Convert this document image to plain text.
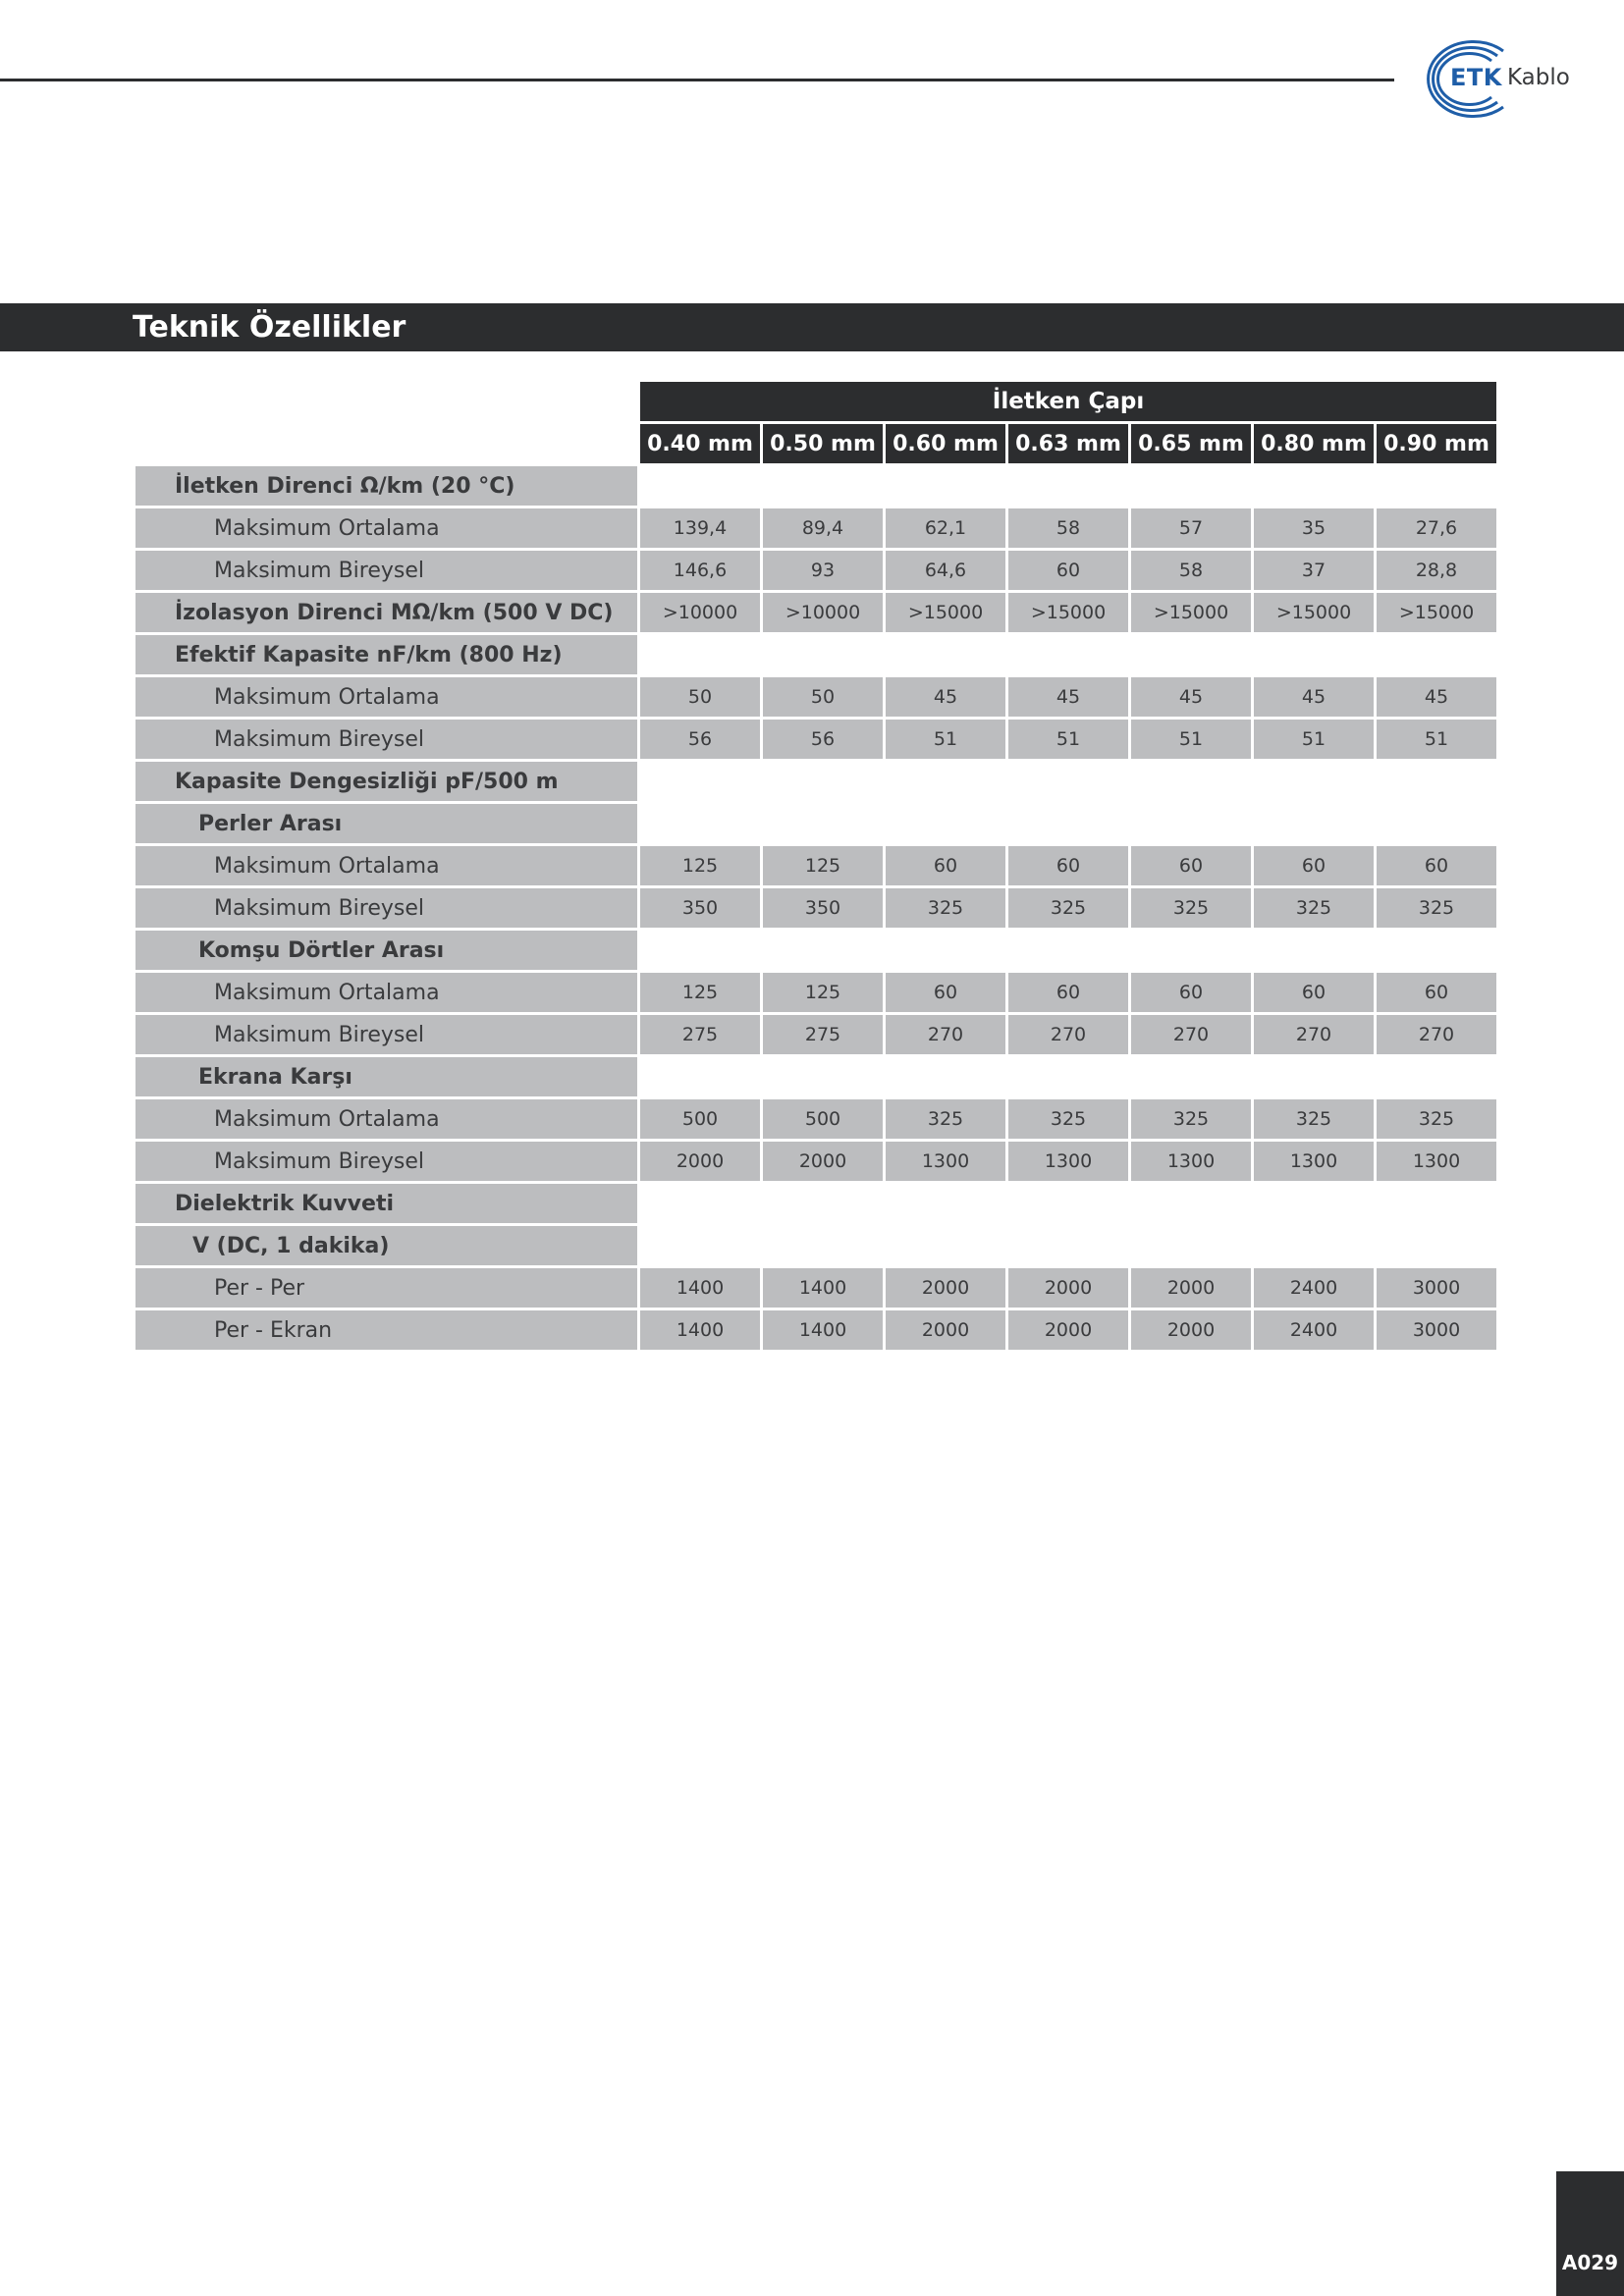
ETK Kablo
Teknik Özellikler
	İletken Çapı						
	0.40 mm	0.50 mm	0.60 mm	0.63 mm	0.65 mm	0.80 mm	0.90 mm
İletken Direnci Ω/km (20 °C)							
Maksimum Ortalama	139,4	89,4	62,1	58	57	35	27,6
Maksimum Bireysel	146,6	93	64,6	60	58	37	28,8
İzolasyon Direnci MΩ/km (500 V DC)	>10000	>10000	>15000	>15000	>15000	>15000	>15000
Efektif Kapasite nF/km (800 Hz)							
Maksimum Ortalama	50	50	45	45	45	45	45
Maksimum Bireysel	56	56	51	51	51	51	51
Kapasite Dengesizliği pF/500 m							
Perler Arası							
Maksimum Ortalama	125	125	60	60	60	60	60
Maksimum Bireysel	350	350	325	325	325	325	325
Komşu Dörtler Arası							
Maksimum Ortalama	125	125	60	60	60	60	60
Maksimum Bireysel	275	275	270	270	270	270	270
Ekrana Karşı							
Maksimum Ortalama	500	500	325	325	325	325	325
Maksimum Bireysel	2000	2000	1300	1300	1300	1300	1300
Dielektrik Kuvveti							
V (DC, 1 dakika)							
Per - Per	1400	1400	2000	2000	2000	2400	3000
Per - Ekran	1400	1400	2000	2000	2000	2400	3000
A029
